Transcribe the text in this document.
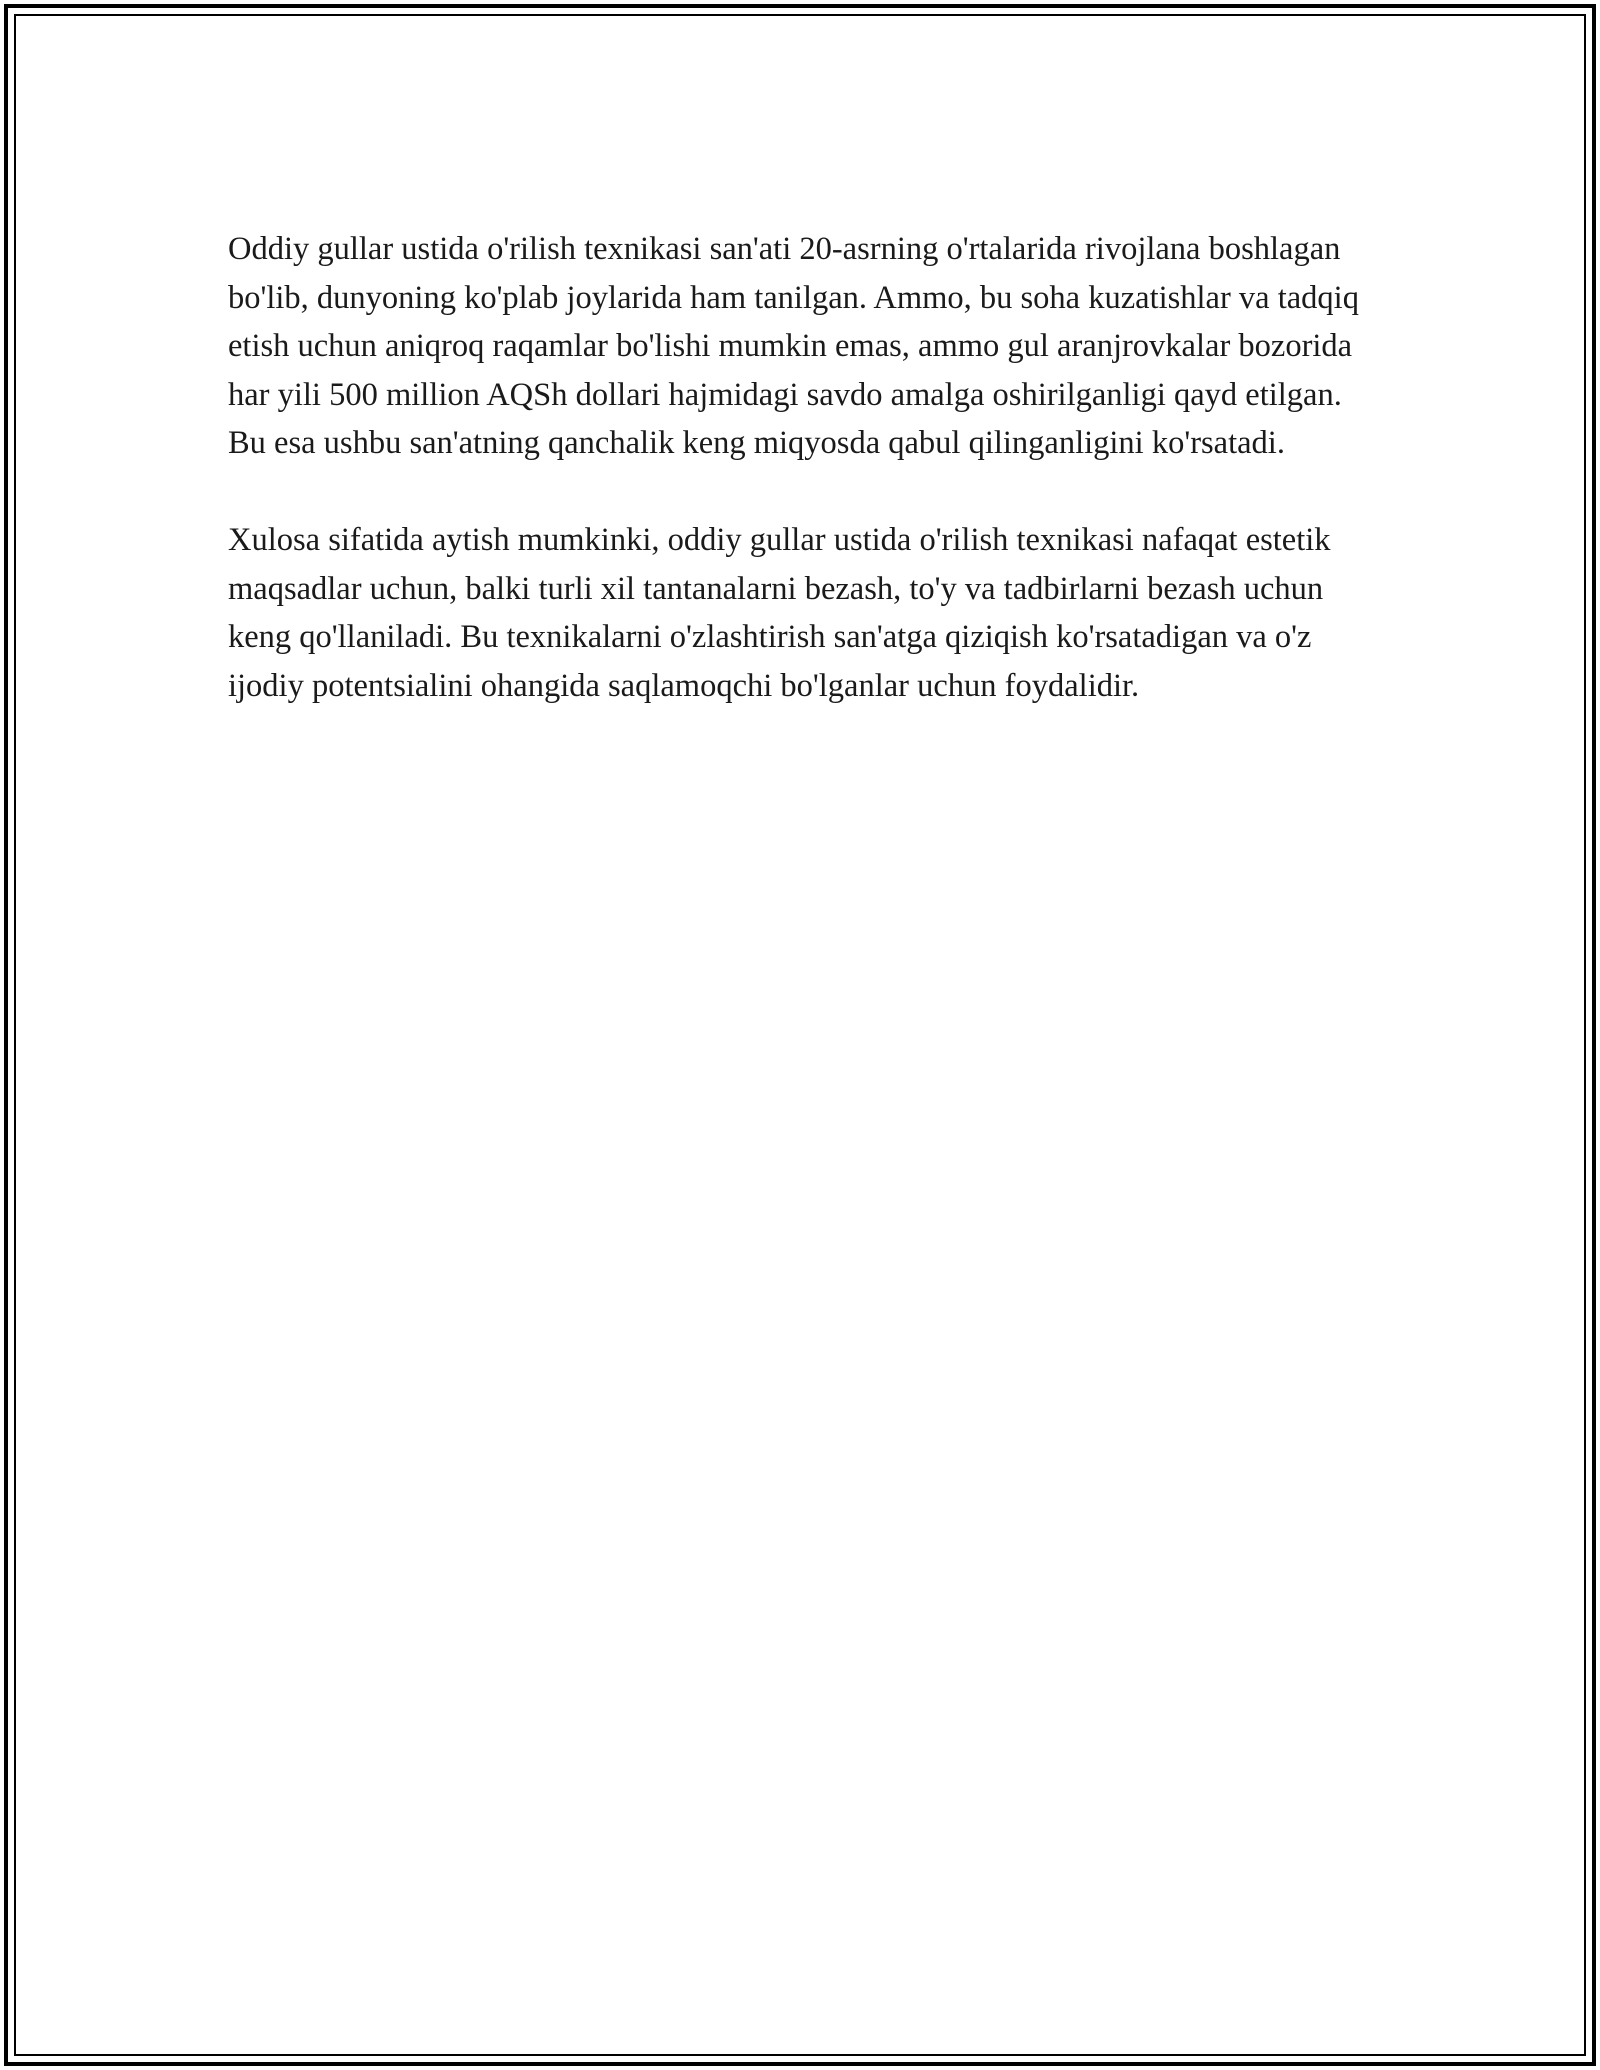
Oddiy gullar ustida o'rilish texnikasi san'ati 20-asrning o'rtalarida rivojlana boshlagan bo'lib, dunyoning ko'plab joylarida ham tanilgan. Ammo, bu soha kuzatishlar va tadqiq etish uchun aniqroq raqamlar bo'lishi mumkin emas, ammo gul aranjrovkalar bozorida har yili 500 million AQSh dollari hajmidagi savdo amalga oshirilganligi qayd etilgan. Bu esa ushbu san'atning qanchalik keng miqyosda qabul qilinganligini ko'rsatadi.

Xulosa sifatida aytish mumkinki, oddiy gullar ustida o'rilish texnikasi nafaqat estetik maqsadlar uchun, balki turli xil tantanalarni bezash, to'y va tadbirlarni bezash uchun keng qo'llaniladi. Bu texnikalarni o'zlashtirish san'atga qiziqish ko'rsatadigan va o'z ijodiy potentsialini ohangida saqlamoqchi bo'lganlar uchun foydalidir.
